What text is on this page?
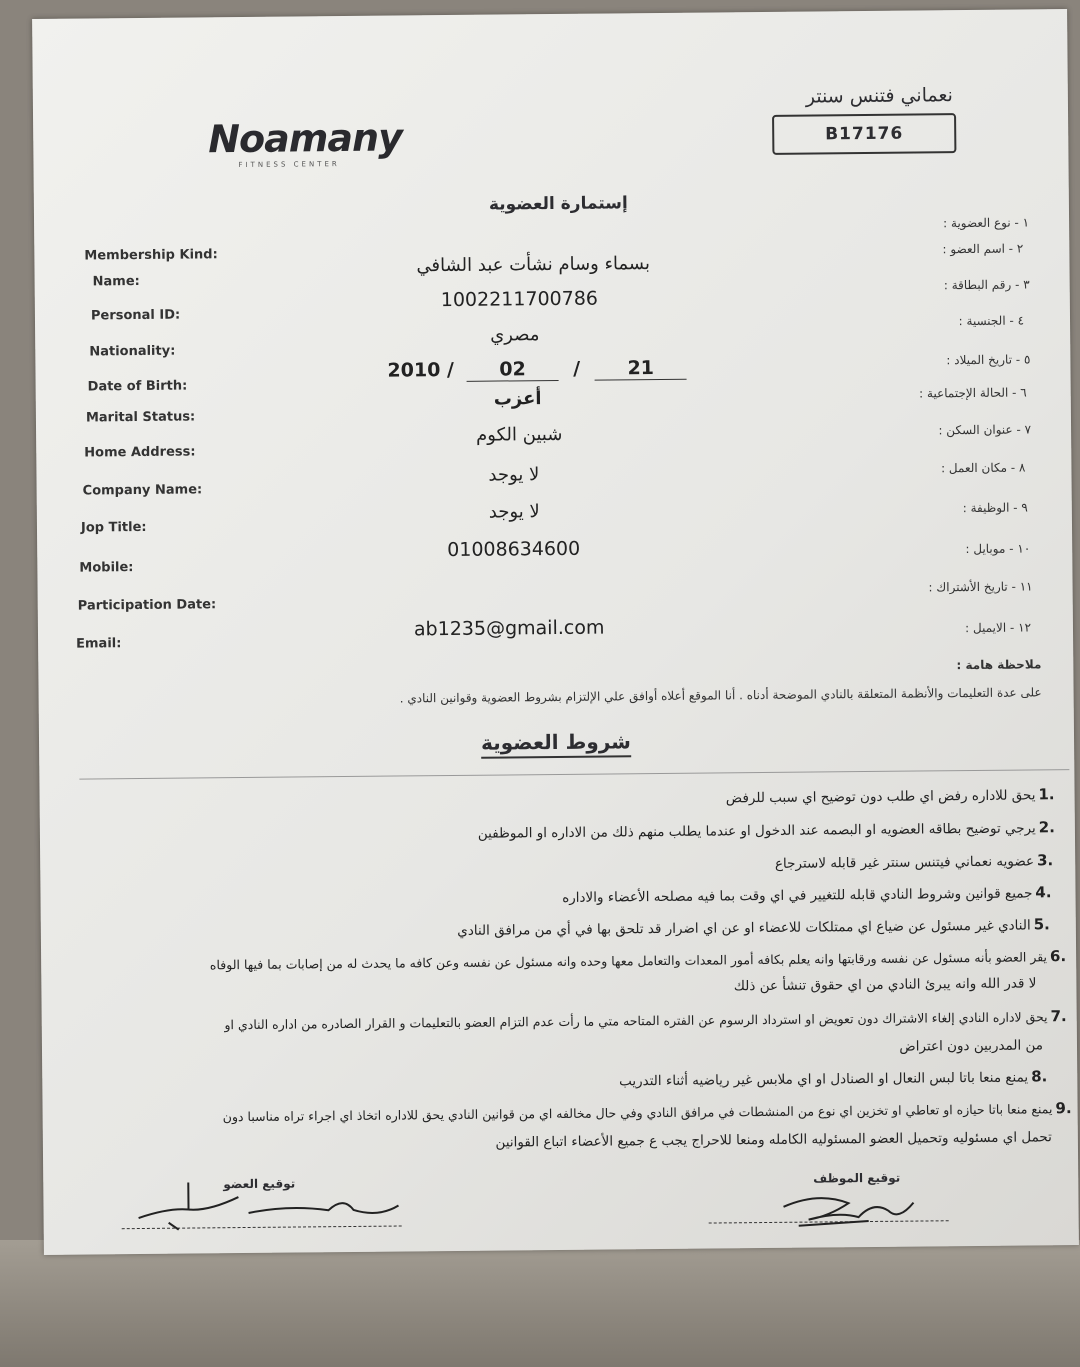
Noamany
FITNESS CENTER
نعماني فتنس سنتر
B17176
إستمارة العضوية
Membership Kind:
Name:
Personal ID:
Nationality:
Date of Birth:
Marital Status:
Home Address:
Company Name:
Jop Title:
Mobile:
Participation Date:
Email:
١ - نوع العضوية :
٢ - اسم العضو :
٣ - رقم البطاقة :
٤ - الجنسية :
٥ - تاريخ الميلاد :
٦ - الحالة الإجتماعية :
٧ - عنوان السكن :
٨ - مكان العمل :
٩ - الوظيفة :
١٠ - موبايل :
١١ - تاريخ الأشتراك :
١٢ - الايميل :
بسماء وسام نشأت عبد الشافي
1002211700786
مصري
2010 / 02 / 21
أعزب
شبين الكوم
لا يوجد
لا يوجد
01008634600
ab1235@gmail.com
ملاحظة هامة :
على عدة التعليمات والأنظمة المتعلقة بالنادي الموضحة أدناه . أنا الموقع أعلاه أوافق علي الإلتزام بشروط العضوية وقوانين النادي .
شروط العضوية
1.يحق للاداره رفض اي طلب دون توضيح اي سبب للرفض
2.يرجي توضيح بطاقه العضويه او البصمه عند الدخول او عندما يطلب منهم ذلك من الاداره او الموظفين
3.عضويه نعماني فيتنس سنتر غير قابله لاسترجاع
4.جميع قوانين وشروط النادي قابله للتغيير في اي وقت بما فيه مصلحه الأعضاء والاداره
5.النادي غير مسئول عن ضياع اي ممتلكات للاعضاء او عن اي اضرار قد تلحق بها في أي من مرافق النادي
6.يقر العضو بأنه مسئول عن نفسه ورقابتها وانه يعلم بكافه أمور المعدات والتعامل معها وحده وانه مسئول عن نفسه وعن كافه ما يحدث له من إصابات بما فيها الوفاه
لا قدر الله وانه يبرئ النادي من اي حقوق تنشأ عن ذلك
7.يحق لاداره النادي إلغاء الاشتراك دون تعويض او استرداد الرسوم عن الفتره المتاحه متي ما رأت عدم التزام العضو بالتعليمات و القرار الصادره من اداره النادي او
من المدربين دون اعتراض
8.يمنع منعا باتا لبس النعال او الصنادل او اي ملابس غير رياضيه أثناء التدريب
9.يمنع منعا باتا حيازه او تعاطي او تخزين اي نوع من المنشطات في مرافق النادي وفي حال مخالفه اي من قوانين النادي يحق للاداره اتخاذ اي اجراء تراه مناسبا دون
تحمل اي مسئوليه وتحميل العضو المسئوليه الكامله ومنعا للاحراج يجب ع جميع الأعضاء اتباع القوانين
توقيع العضو	توقيع الموظف
